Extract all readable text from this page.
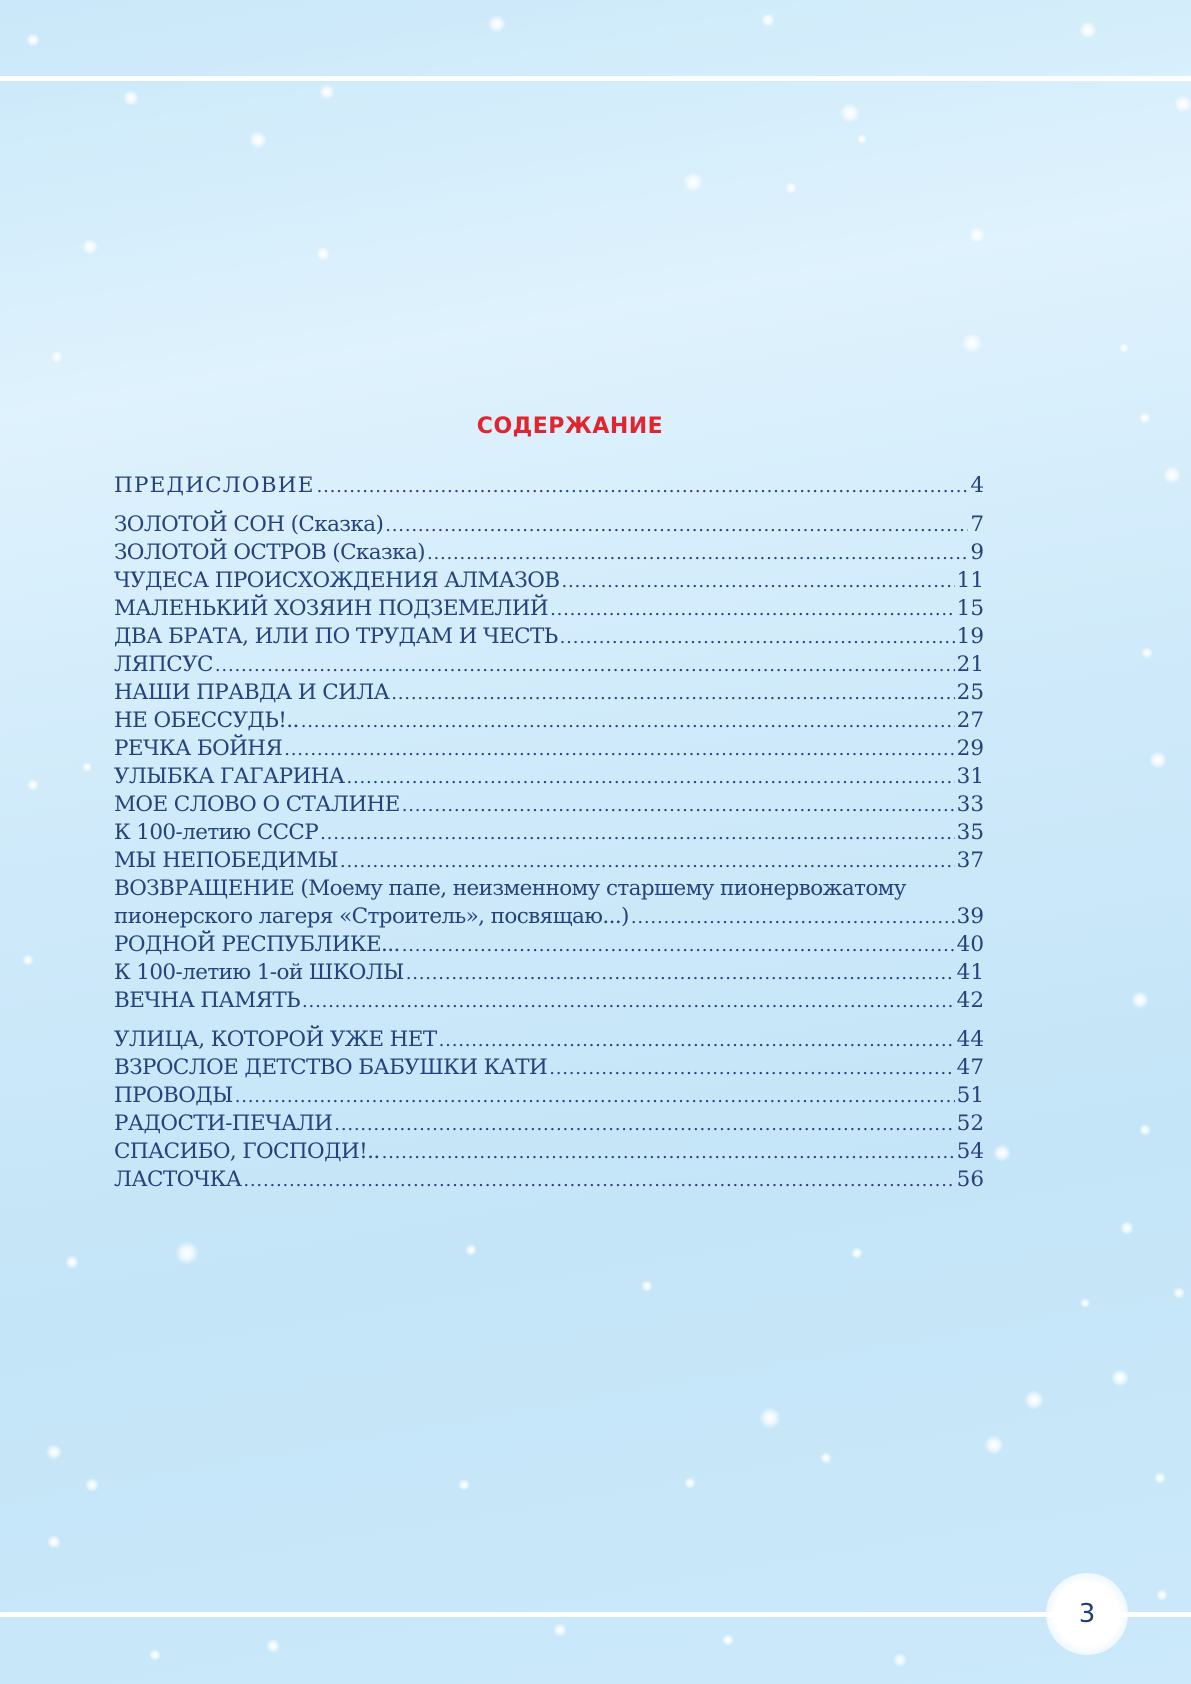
СОДЕРЖАНИЕ
ПРЕДИСЛОВИЕ .....	4
ЗОЛОТОЙ СОН (Сказка) .....	7
ЗОЛОТОЙ ОСТРОВ (Сказка) .....	9
ЧУДЕСА ПРОИСХОЖДЕНИЯ АЛМАЗОВ .....	11
МАЛЕНЬКИЙ ХОЗЯИН ПОДЗЕМЕЛИЙ .....	15
ДВА БРАТА, ИЛИ ПО ТРУДАМ И ЧЕСТЬ .....	19
ЛЯПСУС .....	21
НАШИ ПРАВДА И СИЛА .....	25
НЕ ОБЕССУДЬ!.. .....	27
РЕЧКА БОЙНЯ .....	29
УЛЫБКА ГАГАРИНА .....	31
МОЕ СЛОВО О СТАЛИНЕ .....	33
К 100-летию СССР .....	35
МЫ НЕПОБЕДИМЫ .....	37
ВОЗВРАЩЕНИЕ (Моему папе, неизменному старшему пионервожатому
пионерского лагеря «Строитель», посвящаю...) .....	39
РОДНОЙ РЕСПУБЛИКЕ... .....	40
К 100-летию 1-ой ШКОЛЫ .....	41
ВЕЧНА ПАМЯТЬ .....	42
УЛИЦА, КОТОРОЙ УЖЕ НЕТ .....	44
ВЗРОСЛОЕ ДЕТСТВО БАБУШКИ КАТИ .....	47
ПРОВОДЫ .....	51
РАДОСТИ-ПЕЧАЛИ .....	52
СПАСИБО, ГОСПОДИ!.. .....	54
ЛАСТОЧКА .....	56
3
